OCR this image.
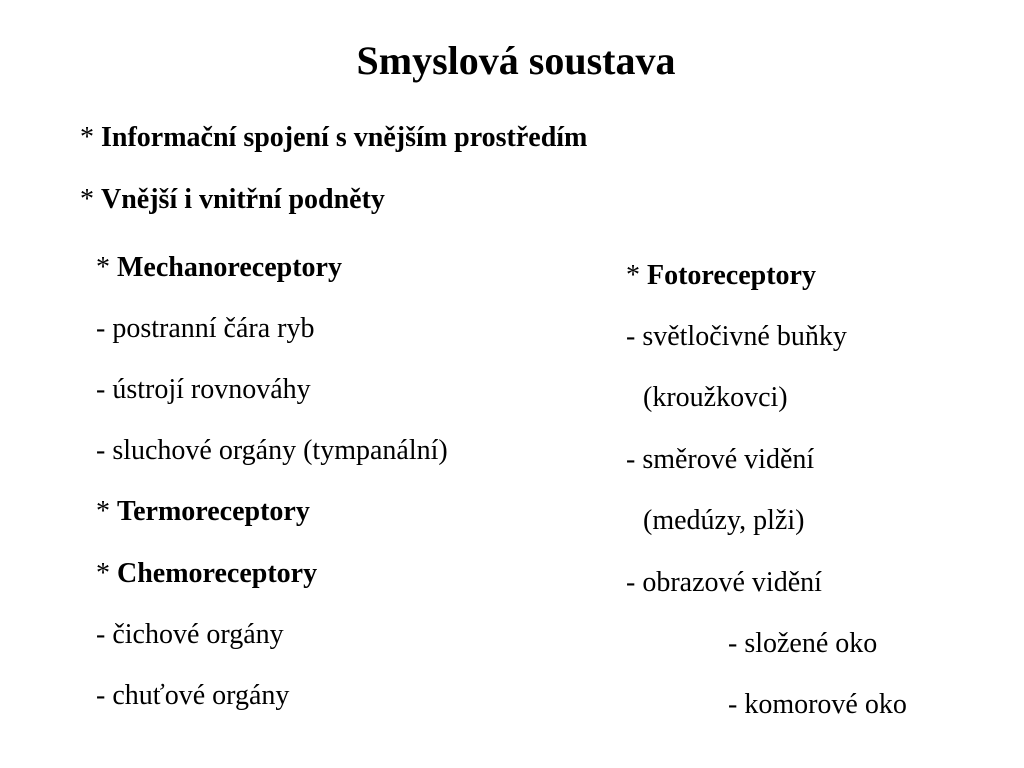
Smyslová soustava
* Informační spojení s vnějším prostředím
* Vnější i vnitřní podněty
* Mechanoreceptory
- postranní čára ryb
- ústrojí rovnováhy
- sluchové orgány (tympanální)
* Termoreceptory
* Chemoreceptory
- čichové orgány
- chuťové orgány
* Fotoreceptory
- světločivné buňky
(kroužkovci)
- směrové vidění
(medúzy, plži)
- obrazové vidění
- složené oko
- komorové oko
